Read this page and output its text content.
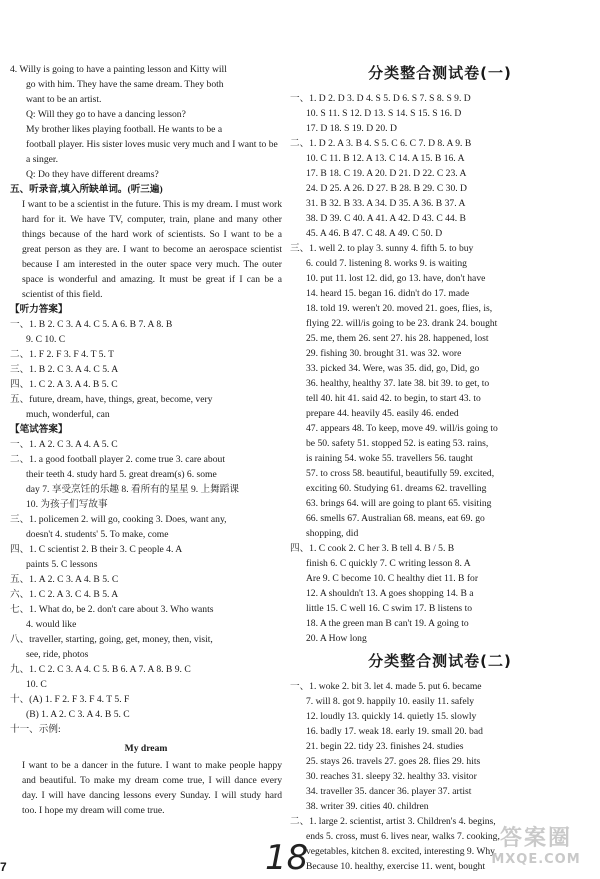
4. Willy is going to have a painting lesson and Kitty will
go with him. They have the same dream. They both
want to be an artist.
Q: Will they go to have a dancing lesson?
My brother likes playing football. He wants to be a
football player. His sister loves music very much and I want to be
a singer.
Q: Do they have different dreams?
五、听录音,填入所缺单词。(听三遍)
I want to be a scientist in the future. This is my dream. I must work hard for it. We have TV, computer, train, plane and many other things because of the hard work of scientists. So I want to be a great person as they are. I want to become an aerospace scientist because I am interested in the outer space very much. The outer space is wonderful and amazing. It must be great if I can be a scientist of this field.
【听力答案】
一、1. B 2. C 3. A 4. C 5. A 6. B 7. A 8. B
9. C 10. C
二、1. F 2. F 3. F 4. T 5. T
三、1. B 2. C 3. A 4. C 5. A
四、1. C 2. A 3. A 4. B 5. C
五、future, dream, have, things, great, become, very
much, wonderful, can
【笔试答案】
一、1. A 2. C 3. A 4. A 5. C
二、1. a good football player 2. come true 3. care about
their teeth 4. study hard 5. great dream(s) 6. some
day 7. 享受烹饪的乐趣 8. 看所有的星星 9. 上舞蹈课
10. 为孩子们写故事
三、1. policemen 2. will go, cooking 3. Does, want any,
doesn't 4. students' 5. To make, come
四、1. C scientist 2. B their 3. C people 4. A
paints 5. C lessons
五、1. A 2. C 3. A 4. B 5. C
六、1. C 2. A 3. C 4. B 5. A
七、1. What do, be 2. don't care about 3. Who wants
4. would like
八、traveller, starting, going, get, money, then, visit,
see, ride, photos
九、1. C 2. C 3. A 4. C 5. B 6. A 7. A 8. B 9. C
10. C
十、(A) 1. F 2. F 3. F 4. T 5. F
(B) 1. A 2. C 3. A 4. B 5. C
十一、示例:
My dream
I want to be a dancer in the future. I want to make people happy and beautiful. To make my dream come true, I will dance every day. I will have dancing lessons every Sunday. I will study hard too. I hope my dream will come true.
分类整合测试卷(一)
一、1. D 2. D 3. D 4. S 5. D 6. S 7. S 8. S 9. D
10. S 11. S 12. D 13. S 14. S 15. S 16. D
17. D 18. S 19. D 20. D
二、1. D 2. A 3. B 4. S 5. C 6. C 7. D 8. A 9. B
10. C 11. B 12. A 13. C 14. A 15. B 16. A
17. B 18. C 19. A 20. D 21. D 22. C 23. A
24. D 25. A 26. D 27. B 28. B 29. C 30. D
31. B 32. B 33. A 34. D 35. A 36. B 37. A
38. D 39. C 40. A 41. A 42. D 43. C 44. B
45. A 46. B 47. C 48. A 49. C 50. D
三、1. well 2. to play 3. sunny 4. fifth 5. to buy
6. could 7. listening 8. works 9. is waiting
10. put 11. lost 12. did, go 13. have, don't have
14. heard 15. began 16. didn't do 17. made
18. told 19. weren't 20. moved 21. goes, flies, is,
flying 22. will/is going to be 23. drank 24. bought
25. me, them 26. sent 27. his 28. happened, lost
29. fishing 30. brought 31. was 32. wore
33. picked 34. Were, was 35. did, go, Did, go
36. healthy, healthy 37. late 38. bit 39. to get, to
tell 40. hit 41. said 42. to begin, to start 43. to
prepare 44. heavily 45. easily 46. ended
47. appears 48. To keep, move 49. will/is going to
be 50. safety 51. stopped 52. is eating 53. rains,
is raining 54. woke 55. travellers 56. taught
57. to cross 58. beautiful, beautifully 59. excited,
exciting 60. Studying 61. dreams 62. travelling
63. brings 64. will are going to plant 65. visiting
66. smells 67. Australian 68. means, eat 69. go
shopping, did
四、1. C cook 2. C her 3. B tell 4. B / 5. B
finish 6. C quickly 7. C writing lesson 8. A
Are 9. C become 10. C healthy diet 11. B for
12. A shouldn't 13. A goes shopping 14. B a
little 15. C well 16. C swim 17. B listens to
18. A the green man B can't 19. A going to
20. A How long
分类整合测试卷(二)
一、1. woke 2. bit 3. let 4. made 5. put 6. became
7. will 8. got 9. happily 10. easily 11. safely
12. loudly 13. quickly 14. quietly 15. slowly
16. badly 17. weak 18. early 19. small 20. bad
21. begin 22. tidy 23. finishes 24. studies
25. stays 26. travels 27. goes 28. flies 29. hits
30. reaches 31. sleepy 32. healthy 33. visitor
34. traveller 35. dancer 36. player 37. artist
38. writer 39. cities 40. children
二、1. large 2. scientist, artist 3. Children's 4. begins,
ends 5. cross, must 6. lives near, walks 7. cooking,
vegetables, kitchen 8. excited, interesting 9. Why,
Because 10. healthy, exercise 11. went, bought
7	18	答案圈
MXQE.COM
